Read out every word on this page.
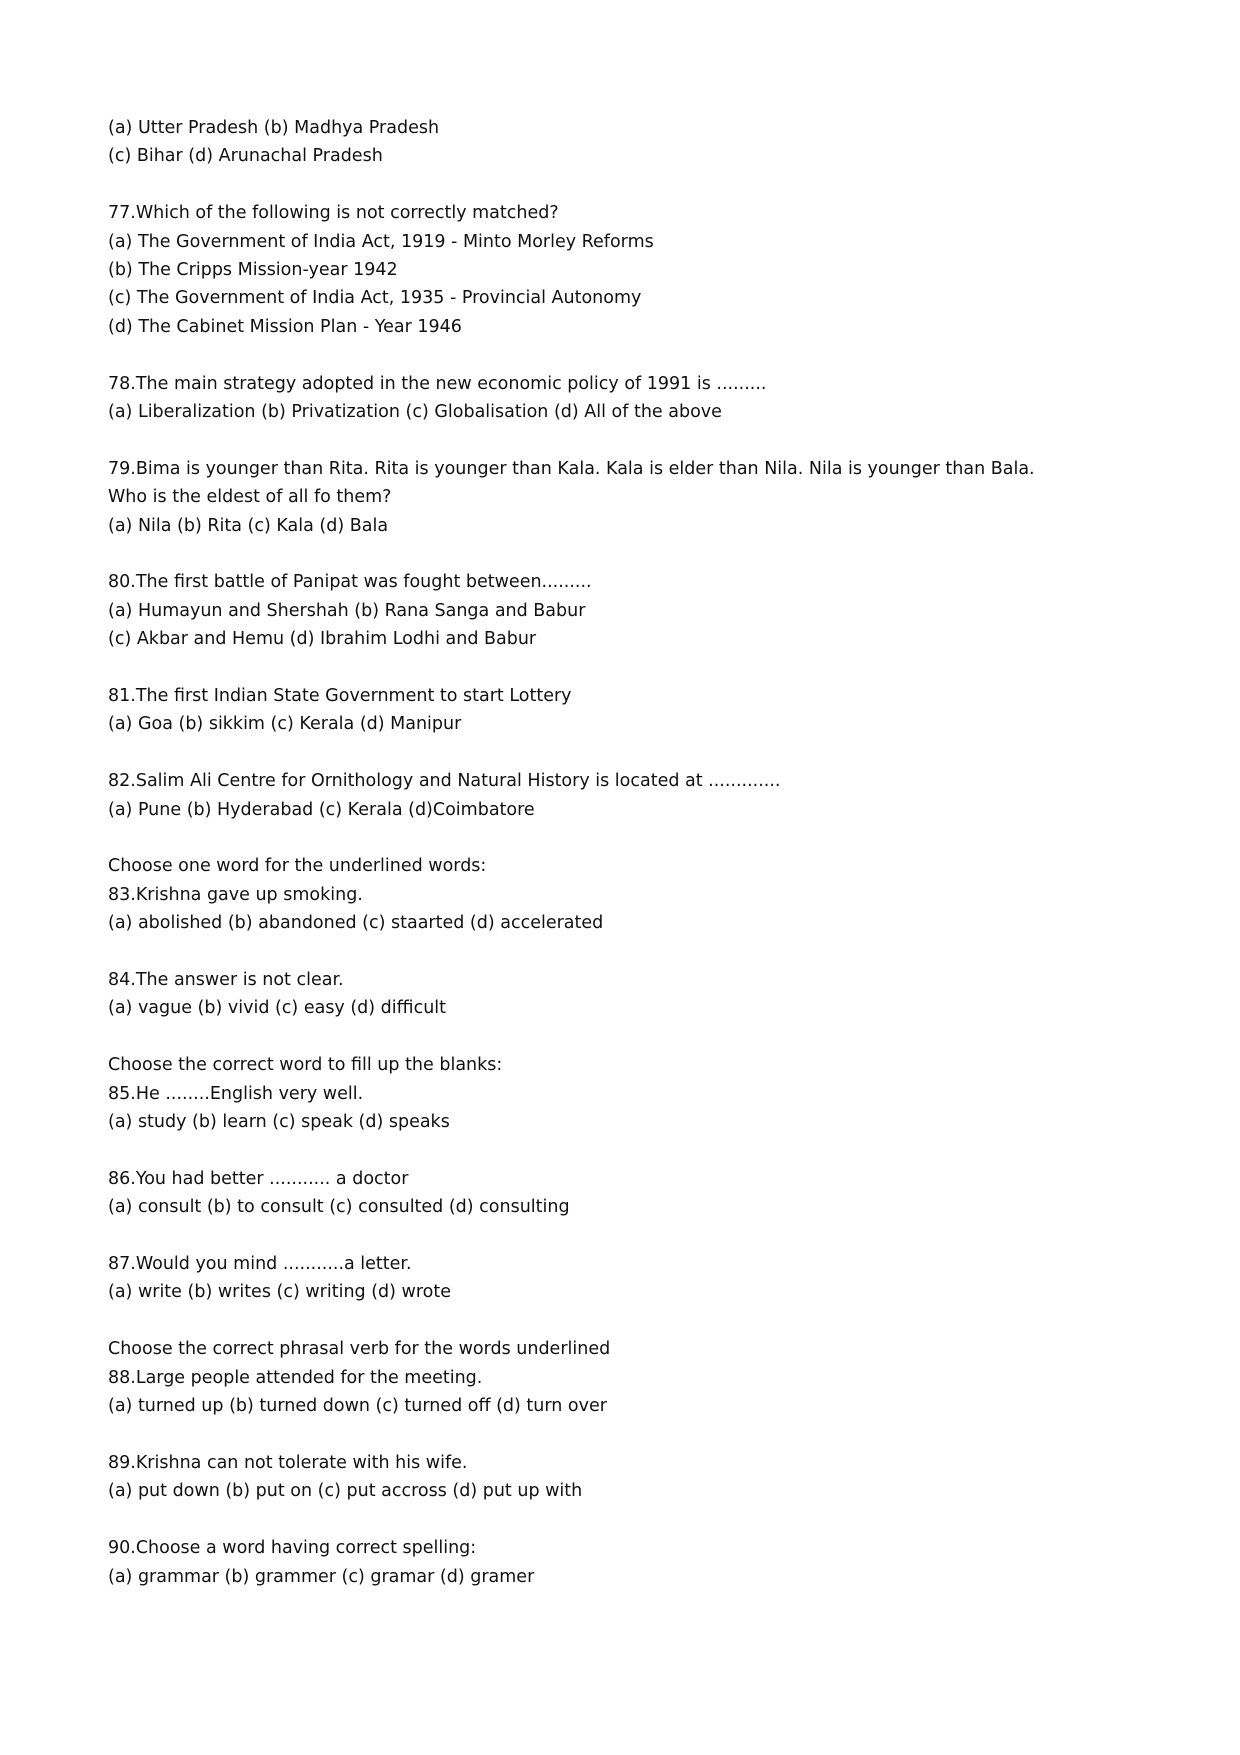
(a) Utter Pradesh (b) Madhya Pradesh
(c) Bihar (d) Arunachal Pradesh
77.Which of the following is not correctly matched?
(a) The Government of India Act, 1919 - Minto Morley Reforms
(b) The Cripps Mission-year 1942
(c) The Government of India Act, 1935 - Provincial Autonomy
(d) The Cabinet Mission Plan - Year 1946
78.The main strategy adopted in the new economic policy of 1991 is .........
(a) Liberalization (b) Privatization (c) Globalisation (d) All of the above
79.Bima is younger than Rita. Rita is younger than Kala. Kala is elder than Nila. Nila is younger than Bala.
Who is the eldest of all fo them?
(a) Nila (b) Rita (c) Kala (d) Bala
80.The first battle of Panipat was fought between.........
(a) Humayun and Shershah (b) Rana Sanga and Babur
(c) Akbar and Hemu (d) Ibrahim Lodhi and Babur
81.The first Indian State Government to start Lottery
(a) Goa (b) sikkim (c) Kerala (d) Manipur
82.Salim Ali Centre for Ornithology and Natural History is located at .............
(a) Pune (b) Hyderabad (c) Kerala (d)Coimbatore
Choose one word for the underlined words:
83.Krishna gave up smoking.
(a) abolished (b) abandoned (c) staarted (d) accelerated
84.The answer is not clear.
(a) vague (b) vivid (c) easy (d) difficult
Choose the correct word to fill up the blanks:
85.He ........English very well.
(a) study (b) learn (c) speak (d) speaks
86.You had better ........... a doctor
(a) consult (b) to consult (c) consulted (d) consulting
87.Would you mind ...........a letter.
(a) write (b) writes (c) writing (d) wrote
Choose the correct phrasal verb for the words underlined
88.Large people attended for the meeting.
(a) turned up (b) turned down (c) turned off (d) turn over
89.Krishna can not tolerate with his wife.
(a) put down (b) put on (c) put accross (d) put up with
90.Choose a word having correct spelling:
(a) grammar (b) grammer (c) gramar (d) gramer
